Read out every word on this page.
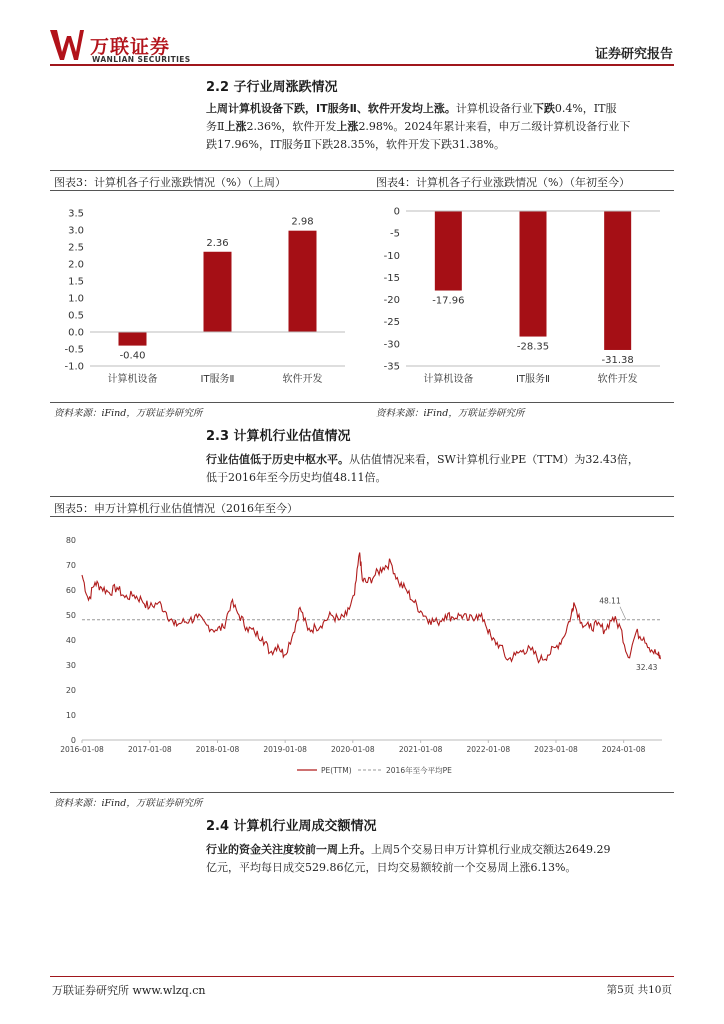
万联证券
WANLIAN SECURITIES	证券研究报告
2.2 子行业周涨跌情况
上周计算机设备下跌，IT服务Ⅱ、软件开发均上涨。计算机设备行业下跌0.4%，IT服
务Ⅱ上涨2.36%，软件开发上涨2.98%。2024年累计来看，申万二级计算机设备行业下
跌17.96%，IT服务Ⅱ下跌28.35%，软件开发下跌31.38%。
图表3：计算机各子行业涨跌情况（%）（上周）	图表4：计算机各子行业涨跌情况（%）（年初至今）
3.5
3.0
2.5
2.0
1.5
1.0
0.5
0.0
-0.5
-1.0
-0.40
计算机设备
2.36
IT服务Ⅱ
2.98
软件开发
0
-5
-10
-15
-20
-25
-30
-35
-17.96
计算机设备
-28.35
IT服务Ⅱ
-31.38
软件开发
资料来源：iFind，万联证券研究所	资料来源：iFind，万联证券研究所
2.3 计算机行业估值情况
行业估值低于历史中枢水平。从估值情况来看，SW计算机行业PE（TTM）为32.43倍，
低于2016年至今历史均值48.11倍。
图表5：申万计算机行业估值情况（2016年至今）
80
70
60
50
40
30
20
10
0
2016-01-08	2017-01-08	2018-01-08	2019-01-08	2020-01-08	2021-01-08	2022-01-08	2023-01-08	2024-01-08
48.11
32.43
PE(TTM)	2016年至今平均PE
资料来源：iFind，万联证券研究所
2.4 计算机行业周成交额情况
行业的资金关注度较前一周上升。上周5个交易日申万计算机行业成交额达2649.29
亿元，平均每日成交529.86亿元，日均交易额较前一个交易周上涨6.13%。
万联证券研究所 www.wlzq.cn	第5页 共10页
